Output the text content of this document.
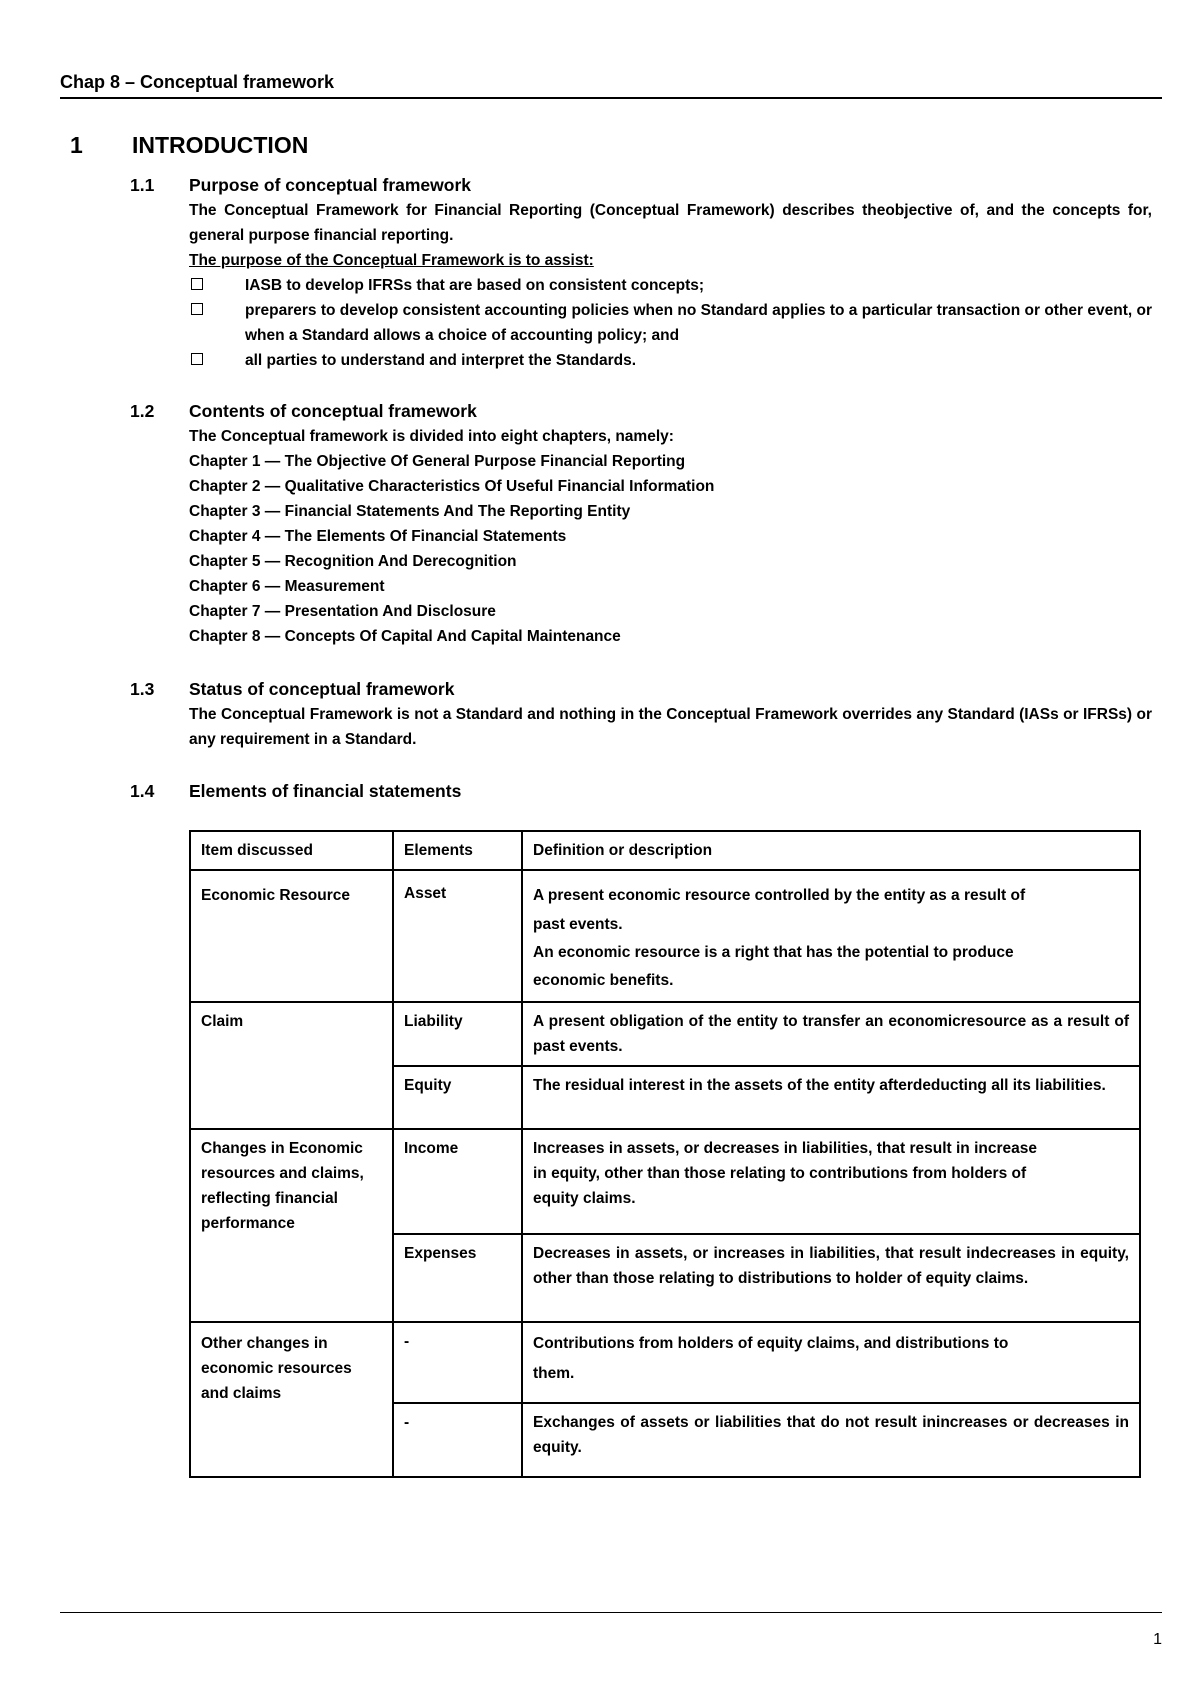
Chap 8 – Conceptual framework
1	INTRODUCTION
1.1	Purpose of conceptual framework
The Conceptual Framework for Financial Reporting (Conceptual Framework) describes theobjective of, and the concepts for, general purpose financial reporting.
The purpose of the Conceptual Framework is to assist:
IASB to develop IFRSs that are based on consistent concepts;
preparers to develop consistent accounting policies when no Standard applies to a particular transaction or other event, or when a Standard allows a choice of accounting policy; and
all parties to understand and interpret the Standards.
1.2	Contents of conceptual framework
The Conceptual framework is divided into eight chapters, namely:
Chapter 1 — The Objective Of General Purpose Financial Reporting
Chapter 2 — Qualitative Characteristics Of Useful Financial Information
Chapter 3 — Financial Statements And The Reporting Entity
Chapter 4 — The Elements Of Financial Statements
Chapter 5 — Recognition And Derecognition
Chapter 6 — Measurement
Chapter 7 — Presentation And Disclosure
Chapter 8 — Concepts Of Capital And Capital Maintenance
1.3	Status of conceptual framework
The Conceptual Framework is not a Standard and nothing in the Conceptual Framework overrides any Standard (IASs or IFRSs) or any requirement in a Standard.
1.4	Elements of financial statements
Item discussed	Elements	Definition or description
Economic Resource	Asset	A present economic resource controlled by the entity as a result of past events.
An economic resource is a right that has the potential to produce economic benefits.

Claim	Liability	A present obligation of the entity to transfer an economicresource as a result of past events.
	Equity	The residual interest in the assets of the entity afterdeducting all its liabilities.
Changes in Economic resources and claims, reflecting financial performance	Income	Increases in assets, or decreases in liabilities, that result in increase in equity, other than those relating to contributions from holders of equity claims.
	Expenses	Decreases in assets, or increases in liabilities, that result indecreases in equity, other than those relating to distributions to holder of equity claims.
Other changes in economic resources and claims	-	Contributions from holders of equity claims, and distributions to them.
	-	Exchanges of assets or liabilities that do not result inincreases or decreases in equity.
1
